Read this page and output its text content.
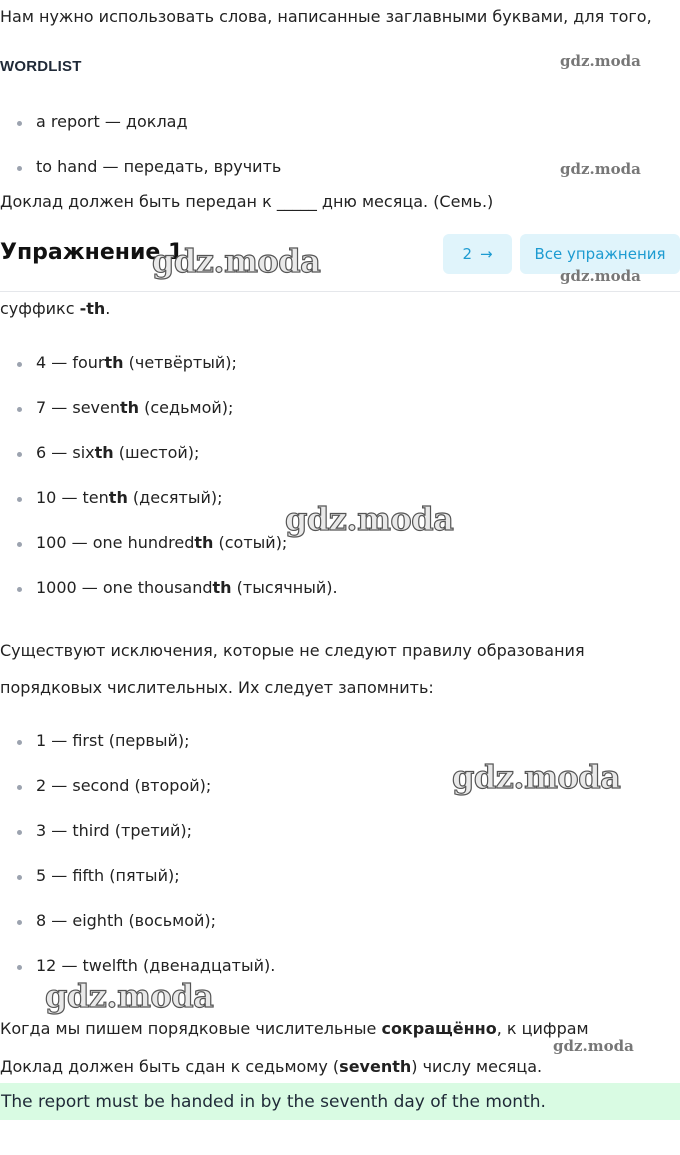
Нам нужно использовать слова, написанные заглавными буквами, для того,
WORDLIST	gdz.moda
a report — доклад
to hand — передать, вручить	gdz.moda
Доклад должен быть передан к _____ дню месяца. (Семь.)
Упражнение 1
gdz.moda	2 →	Все упражнения
gdz.moda
суффикс -th.
4 — fourth (четвёртый);
7 — seventh (седьмой);
6 — sixth (шестой);
10 — tenth (десятый);
gdz.moda
100 — one hundredth (сотый);
1000 — one thousandth (тысячный).
Существуют исключения, которые не следуют правилу образования
порядковых числительных. Их следует запомнить:
1 — first (первый);
gdz.moda
2 — second (второй);
3 — third (третий);
5 — fifth (пятый);
8 — eighth (восьмой);
12 — twelfth (двенадцатый).
gdz.moda
Когда мы пишем порядковые числительные сокращённо, к цифрам
gdz.moda
Доклад должен быть сдан к седьмому (seventh) числу месяца.
The report must be handed in by the seventh day of the month.
